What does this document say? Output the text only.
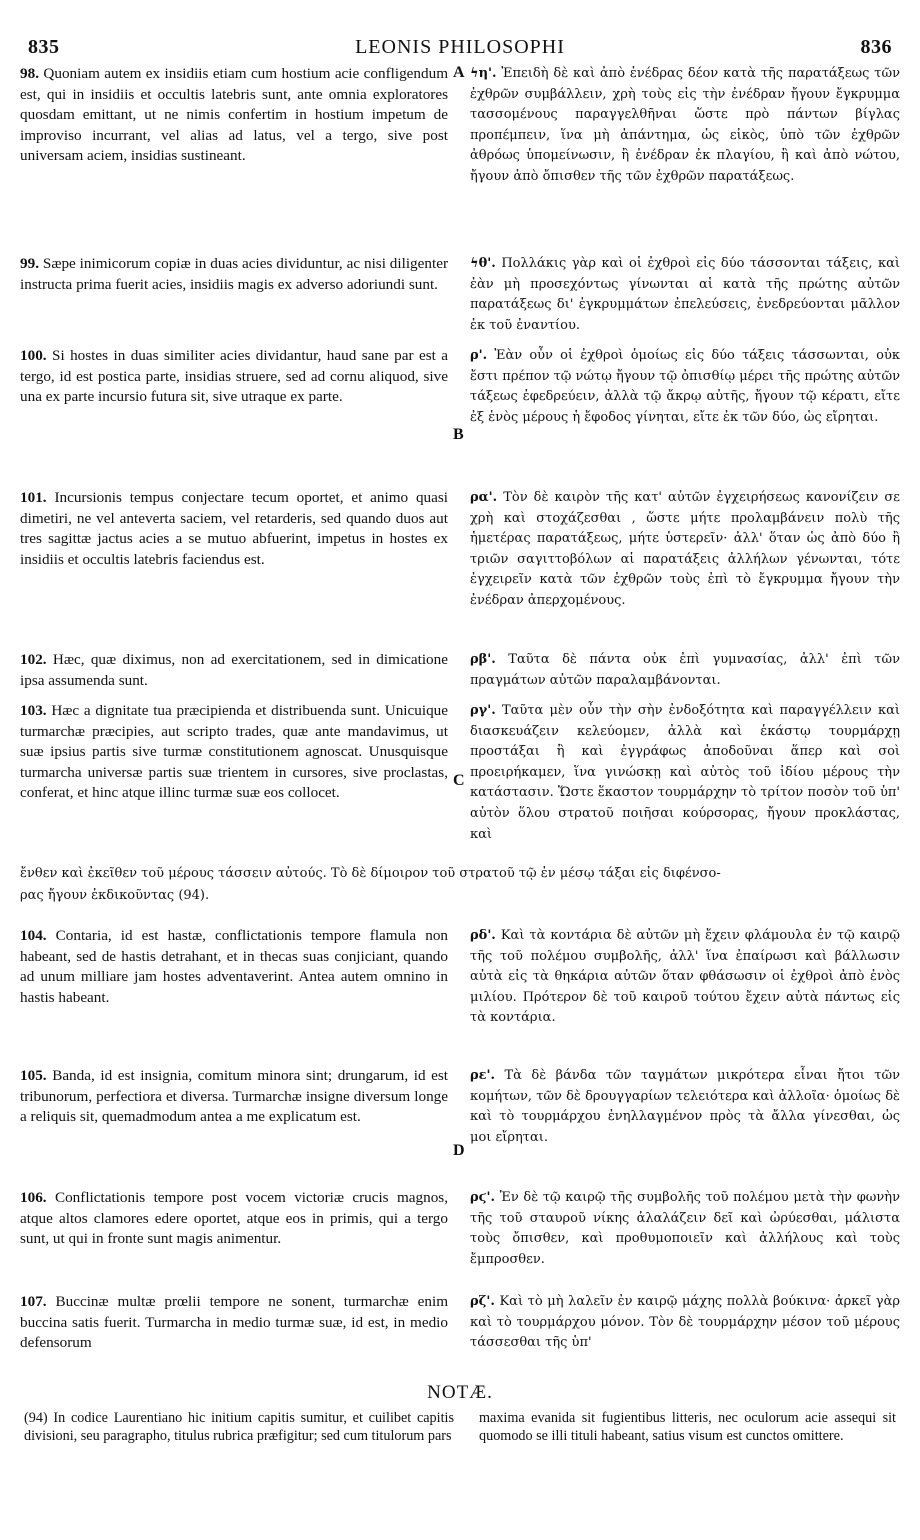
835	LEONIS PHILOSOPHI	836

98. Quoniam autem ex insidiis etiam cum hostium acie confligendum est, qui in insidiis et occultis latebris sunt, ante omnia exploratores quosdam emittant, ut ne nimis confertim in hostium impetum de improviso incurrant, vel alias ad latus, vel a tergo, sive post universam aciem, insidias sustineant.

99. Sæpe inimicorum copiæ in duas acies dividuntur, ac nisi diligenter instructa prima fuerit acies, insidiis magis ex adverso adoriundi sunt.

100. Si hostes in duas similiter acies dividantur, haud sane par est a tergo, id est postica parte, insidias struere, sed ad cornu aliquod, sive una ex parte incursio futura sit, sive utraque ex parte.

101. Incursionis tempus conjectare tecum oportet, et animo quasi dimetiri, ne vel anteverta saciem, vel retarderis, sed quando duos aut tres sagittæ jactus acies a se mutuo abfuerint, impetus in hostes ex insidiis et occultis latebris faciendus est.

102. Hæc, quæ diximus, non ad exercitationem, sed in dimicatione ipsa assumenda sunt.

103. Hæc a dignitate tua præcipienda et distribuenda sunt. Unicuique turmarchæ præcipies, aut scripto trades, quæ ante mandavimus, ut suæ ipsius partis sive turmæ constitutionem agnoscat. Unusquisque turmarcha universæ partis suæ trientem in cursores, sive proclastas, conferat, et hinc atque illinc turmæ suæ eos collocet.

104. Contaria, id est hastæ, conflictationis tempore flamula non habeant, sed de hastis detrahant, et in thecas suas conjiciant, quando ad unum milliare jam hostes adventaverint. Antea autem omnino in hastis habeant.

105. Banda, id est insignia, comitum minora sint; drungarum, id est tribunorum, perfectiora et diversa. Turmarchæ insigne diversum longe a reliquis sit, quemadmodum antea a me explicatum est.

106. Conflictationis tempore post vocem victoriæ crucis magnos, atque altos clamores edere oportet, atque eos in primis, qui a tergo sunt, ut qui in fronte sunt magis animentur.

107. Buccinæ multæ prœlii tempore ne sonent, turmarchæ enim buccina satis fuerit. Turmarcha in medio turmæ suæ, id est, in medio defensorum

A
B
C
D

ϟη'. Ἐπειδὴ δὲ καὶ ἀπὸ ἐνέδρας δέον κατὰ τῆς παρατάξεως τῶν ἐχθρῶν συμβάλλειν, χρὴ τοὺς εἰς τὴν ἐνέδραν ἤγουν ἔγκρυμμα τασσομένους παραγγελθῆναι ὥστε πρὸ πάντων βίγλας προπέμπειν, ἵνα μὴ ἀπάντημα, ὡς εἰκὸς, ὑπὸ τῶν ἐχθρῶν ἀθρόως ὑπομείνωσιν, ἢ ἐνέδραν ἐκ πλαγίου, ἢ καὶ ἀπὸ νώτου, ἤγουν ἀπὸ ὄπισθεν τῆς τῶν ἐχθρῶν παρατάξεως.

ϟθ'. Πολλάκις γὰρ καὶ οἱ ἐχθροὶ εἰς δύο τάσσονται τάξεις, καὶ ἐὰν μὴ προσεχόντως γίνωνται αἱ κατὰ τῆς πρώτης αὐτῶν παρατάξεως δι' ἐγκρυμμάτων ἐπελεύσεις, ἐνεδρεύονται μᾶλλον ἐκ τοῦ ἐναντίου.

ρ'. Ἐὰν οὖν οἱ ἐχθροὶ ὁμοίως εἰς δύο τάξεις τάσσωνται, οὐκ ἔστι πρέπον τῷ νώτῳ ἤγουν τῷ ὀπισθίῳ μέρει τῆς πρώτης αὐτῶν τάξεως ἐφεδρεύειν, ἀλλὰ τῷ ἄκρῳ αὐτῆς, ἤγουν τῷ κέρατι, εἴτε ἐξ ἑνὸς μέρους ἡ ἔφοδος γίνηται, εἴτε ἐκ τῶν δύο, ὡς εἴρηται.

ρα'. Τὸν δὲ καιρὸν τῆς κατ' αὐτῶν ἐγχειρήσεως κανονίζειν σε χρὴ καὶ στοχάζεσθαι , ὥστε μήτε προλαμβάνειν πολὺ τῆς ἡμετέρας παρατάξεως, μήτε ὑστερεῖν· ἀλλ' ὅταν ὡς ἀπὸ δύο ἢ τριῶν σαγιττοβόλων αἱ παρατάξεις ἀλλήλων γένωνται, τότε ἐγχειρεῖν κατὰ τῶν ἐχθρῶν τοὺς ἐπὶ τὸ ἔγκρυμμα ἤγουν τὴν ἐνέδραν ἀπερχομένους.

ρβ'. Ταῦτα δὲ πάντα οὐκ ἐπὶ γυμνασίας, ἀλλ' ἐπὶ τῶν πραγμάτων αὐτῶν παραλαμβάνονται.

ργ'. Ταῦτα μὲν οὖν τὴν σὴν ἐνδοξότητα καὶ παραγγέλλειν καὶ διασκευάζειν κελεύομεν, ἀλλὰ καὶ ἑκάστῳ τουρμάρχῃ προστάξαι ἢ καὶ ἐγγράφως ἀποδοῦναι ἅπερ καὶ σοὶ προειρήκαμεν, ἵνα γινώσκῃ καὶ αὐτὸς τοῦ ἰδίου μέρους τὴν κατάστασιν. Ὥστε ἕκαστον τουρμάρχην τὸ τρίτον ποσὸν τοῦ ὑπ' αὐτὸν ὅλου στρατοῦ ποιῆσαι κούρσορας, ἤγουν προκλάστας, καὶ

ρδ'. Καὶ τὰ κοντάρια δὲ αὐτῶν μὴ ἔχειν φλάμουλα ἐν τῷ καιρῷ τῆς τοῦ πολέμου συμβολῆς, ἀλλ' ἵνα ἐπαίρωσι καὶ βάλλωσιν αὐτὰ εἰς τὰ θηκάρια αὐτῶν ὅταν φθάσωσιν οἱ ἐχθροὶ ἀπὸ ἑνὸς μιλίου. Πρότερον δὲ τοῦ καιροῦ τούτου ἔχειν αὐτὰ πάντως εἰς τὰ κοντάρια.

ρε'. Τὰ δὲ βάνδα τῶν ταγμάτων μικρότερα εἶναι ἤτοι τῶν κομήτων, τῶν δὲ δρουγγαρίων τελειότερα καὶ ἀλλοῖα· ὁμοίως δὲ καὶ τὸ τουρμάρχου ἐνηλλαγμένον πρὸς τὰ ἄλλα γίνεσθαι, ὡς μοι εἴρηται.

ρϛ'. Ἐν δὲ τῷ καιρῷ τῆς συμβολῆς τοῦ πολέμου μετὰ τὴν φωνὴν τῆς τοῦ σταυροῦ νίκης ἀλαλάζειν δεῖ καὶ ὠρύεσθαι, μάλιστα τοὺς ὄπισθεν, καὶ προθυμοποιεῖν καὶ ἀλλήλους καὶ τοὺς ἔμπροσθεν.

ρζ'. Καὶ τὸ μὴ λαλεῖν ἐν καιρῷ μάχης πολλὰ βούκινα· ἀρκεῖ γὰρ καὶ τὸ τουρμάρχου μόνον. Τὸν δὲ τουρμάρχην μέσον τοῦ μέρους τάσσεσθαι τῆς ὑπ'

ἔνθεν καὶ ἐκεῖθεν τοῦ μέρους τάσσειν αὐτούς. Τὸ δὲ δίμοιρον τοῦ στρατοῦ τῷ ἐν μέσῳ τάξαι εἰς διφένσο-

ρας ἤγουν ἐκδικοῦντας (94).

NOTÆ.

(94) In codice Laurentiano hic initium capitis sumitur, et cuilibet capitis divisioni, seu paragrapho, titulus rubrica præfigitur; sed cum titulorum pars

maxima evanida sit fugientibus litteris, nec oculorum acie assequi sit quomodo se illi tituli habeant, satius visum est cunctos omittere.
